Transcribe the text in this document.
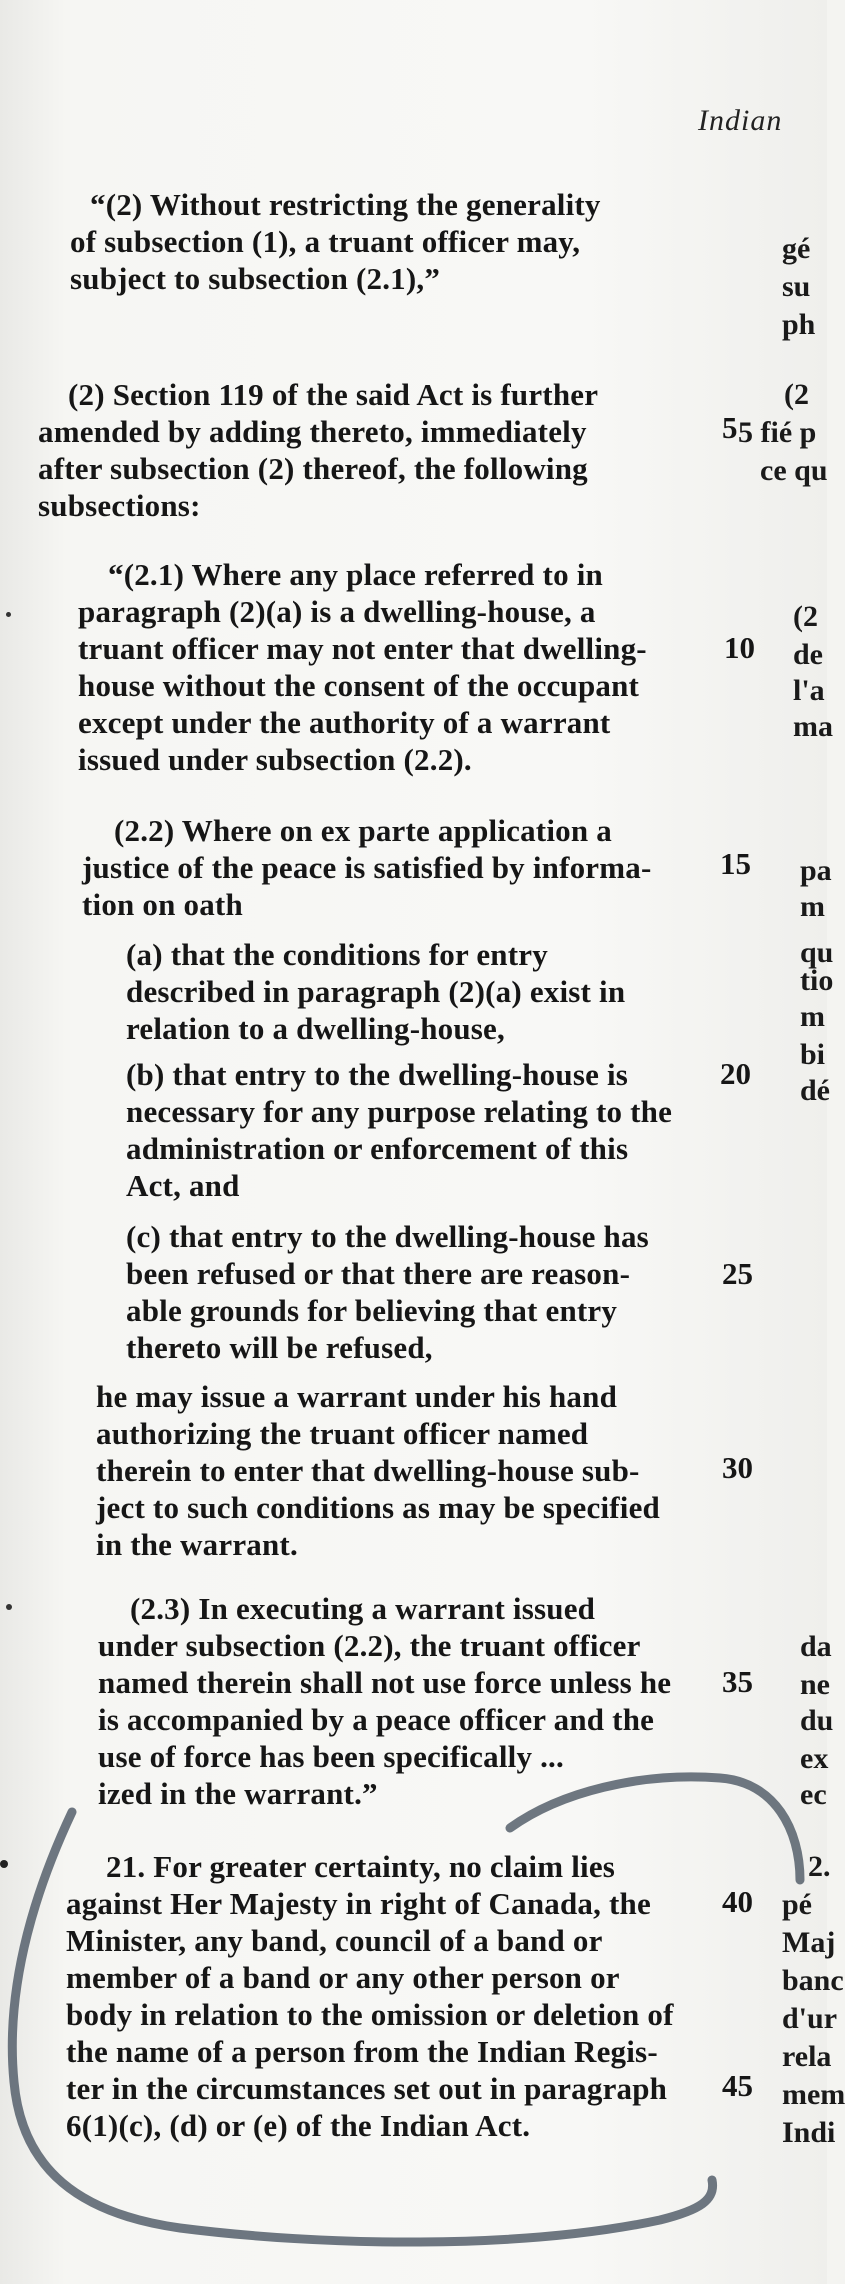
Indian
“(2) Without restricting the generality
of subsection (1), a truant officer may,
subject to subsection (2.1),”
(2) Section 119 of the said Act is further
amended by adding thereto, immediately
after subsection (2) thereof, the following
subsections:
“(2.1) Where any place referred to in
paragraph (2)(a) is a dwelling-house, a
truant officer may not enter that dwelling-
house without the consent of the occupant
except under the authority of a warrant
issued under subsection (2.2).
(2.2) Where on ex parte application a
justice of the peace is satisfied by informa-
tion on oath
(a) that the conditions for entry
described in paragraph (2)(a) exist in
relation to a dwelling-house,
(b) that entry to the dwelling-house is
necessary for any purpose relating to the
administration or enforcement of this
Act, and
(c) that entry to the dwelling-house has
been refused or that there are reason-
able grounds for believing that entry
thereto will be refused,
he may issue a warrant under his hand
authorizing the truant officer named
therein to enter that dwelling-house sub-
ject to such conditions as may be specified
in the warrant.
(2.3) In executing a warrant issued
under subsection (2.2), the truant officer
named therein shall not use force unless he
is accompanied by a peace officer and the
use of force has been specifically ...
ized in the warrant.”
21. For greater certainty, no claim lies
against Her Majesty in right of Canada, the
Minister, any band, council of a band or
member of a band or any other person or
body in relation to the omission or deletion of
the name of a person from the Indian Regis-
ter in the circumstances set out in paragraph
6(1)(c), (d) or (e) of the Indian Act.
5
10
15
20
25
30
35
40
45
gé
su
ph
(2
5 fié p
ce qu
(2
de
l'a
ma
pa
m
qu
tio
m
bi
dé
da
ne
du
ex
ec
2.
pé
Maj
banc
d'ur
rela
mem
Indi
